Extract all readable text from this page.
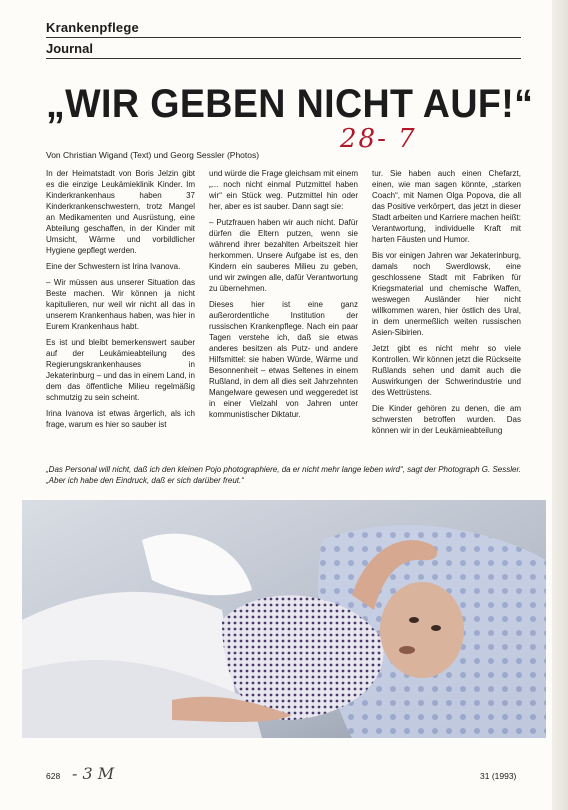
Krankenpflege
Journal
„WIR GEBEN NICHT AUF!“
28- 7
Von Christian Wigand (Text) und Georg Sessler (Photos)

In der Heimatstadt von Boris Jelzin gibt es die einzige Leukämieklinik Kinder. Im Kinderkrankenhaus haben 37 Kinderkrankenschwestern, trotz Mangel an Medikamenten und Ausrüstung, eine Abteilung geschaffen, in der Kinder mit Umsicht, Wärme und vorbildlicher Hygiene gepflegt werden.

Eine der Schwestern ist Irina Ivanova.

– Wir müssen aus unserer Situation das Beste machen. Wir können ja nicht kapitulieren, nur weil wir nicht all das in unserem Krankenhaus haben, was hier in Eurem Krankenhaus habt.

Es ist und bleibt bemerkenswert sauber auf der Leukämieabteilung des Regierungskrankenhauses in Jekaterinburg – und das in einem Land, in dem das öffentliche Milieu regelmäßig schmutzig zu sein scheint.

Irina Ivanova ist etwas ärgerlich, als ich frage, warum es hier so sauber ist

und würde die Frage gleichsam mit einem „... noch nicht einmal Putzmittel haben wir“ ein Stück weg. Putzmittel hin oder her, aber es ist sauber. Dann sagt sie:

– Putzfrauen haben wir auch nicht. Dafür dürfen die Eltern putzen, wenn sie während ihrer bezahlten Arbeitszeit hier herkommen. Unsere Aufgabe ist es, den Kindern ein sauberes Milieu zu geben, und wir zwingen alle, dafür Verantwortung zu übernehmen.

Dieses hier ist eine ganz außerordentliche Institution der russischen Krankenpflege. Nach ein paar Tagen verstehe ich, daß sie etwas anderes besitzen als Putz- und andere Hilfsmittel: sie haben Würde, Wärme und Besonnenheit – etwas Seltenes in einem Rußland, in dem all dies seit Jahrzehnten Mangelware gewesen und weggeredet ist in einer Vielzahl von Jahren unter kommunistischer Diktatur.

tur. Sie haben auch einen Chefarzt, einen, wie man sagen könnte, „starken Coach“, mit Namen Olga Popova, die all das Positive verkörpert, das jetzt in dieser Stadt arbeiten und Karriere machen heißt: Verantwortung, individuelle Kraft mit harten Fäusten und Humor.

Bis vor einigen Jahren war Jekaterinburg, damals noch Swerdlowsk, eine geschlossene Stadt mit Fabriken für Kriegsmaterial und chemische Waffen, weswegen Ausländer hier nicht willkommen waren, hier östlich des Ural, in dem unermeßlich weiten russischen Asien-Sibirien.

Jetzt gibt es nicht mehr so viele Kontrollen. Wir können jetzt die Rückseite Rußlands sehen und damit auch die Auswirkungen der Schwerindustrie und des Wettrüstens.

Die Kinder gehören zu denen, die am schwersten betroffen wurden. Das können wir in der Leukämieabteilung

„Das Personal will nicht, daß ich den kleinen Pojo photographiere, da er nicht mehr lange leben wird“, sagt der Photograph G. Sessler. „Aber ich habe den Eindruck, daß er sich darüber freut.“
628 - 3 M	31 (1993)
